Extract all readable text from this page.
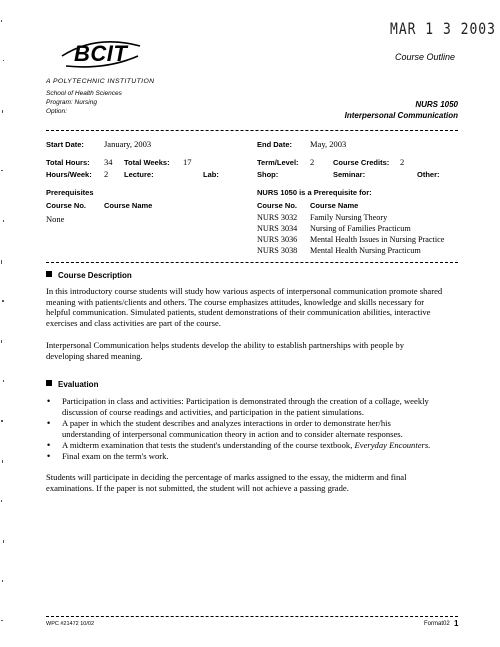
MAR 1 3 2003
Course Outline
BCIT
A POLYTECHNIC INSTITUTION
School of Health Sciences
Program: Nursing
Option:
NURS 1050
Interpersonal Communication
Start Date: January, 2003	End Date: May, 2003
Total Hours: 34 Total Weeks: 17	Term/Level: 2	Course Credits: 2
Hours/Week: 2 Lecture:	Lab:	Shop:	Seminar:	Other:
Prerequisites
Course No. Course Name
None
NURS 1050 is a Prerequisite for:
Course No. Course Name
NURS 3032 Family Nursing Theory
NURS 3034 Nursing of Families Practicum
NURS 3036 Mental Health Issues in Nursing Practice
NURS 3038 Mental Health Nursing Practicum
Course Description
In this introductory course students will study how various aspects of interpersonal communication promote shared
meaning with patients/clients and others. The course emphasizes attitudes, knowledge and skills necessary for
helpful communication. Simulated patients, student demonstrations of their communication abilities, interactive
exercises and class activities are part of the course.
Interpersonal Communication helps students develop the ability to establish partnerships with people by
developing shared meaning.
Evaluation
• Participation in class and activities: Participation is demonstrated through the creation of a collage, weekly
discussion of course readings and activities, and participation in the patient simulations.
• A paper in which the student describes and analyzes interactions in order to demonstrate her/his
understanding of interpersonal communication theory in action and to consider alternate responses.
• A midterm examination that tests the student's understanding of the course textbook, Everyday Encounters.
• Final exam on the term's work.
Students will participate in deciding the percentage of marks assigned to the essay, the midterm and final
examinations. If the paper is not submitted, the student will not achieve a passing grade.
WPC #21472 10/02	Format02 1
